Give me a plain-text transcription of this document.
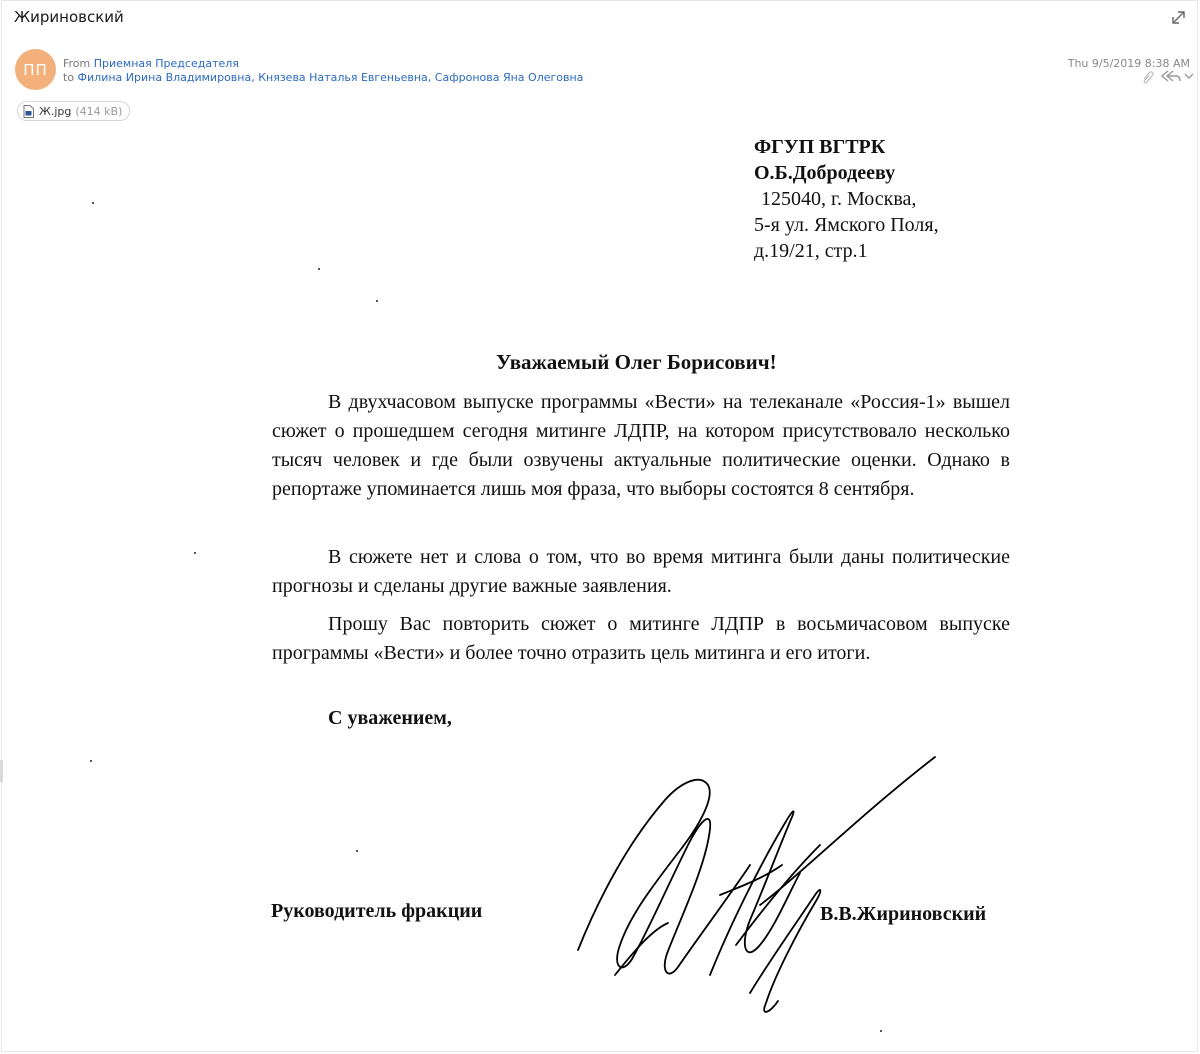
Жириновский
ПП	From Приемная Председателя
to Филина Ирина Владимировна, Князева Наталья Евгеньевна, Сафронова Яна Олеговна
Thu 9/5/2019 8:38 AM
Ж.jpg (414 kB)
ФГУП ВГТРК
О.Б.Добродееву
125040, г. Москва,
5-я ул. Ямского Поля,
д.19/21, стр.1
Уважаемый Олег Борисович!
В двухчасовом выпуске программы «Вести» на телеканале «Россия-1» вышел сюжет о прошедшем сегодня митинге ЛДПР, на котором присутствовало несколько тысяч человек и где были озвучены актуальные политические оценки. Однако в репортаже упоминается лишь моя фраза, что выборы состоятся 8 сентября.
В сюжете нет и слова о том, что во время митинга были даны политические прогнозы и сделаны другие важные заявления.
Прошу Вас повторить сюжет о митинге ЛДПР в восьмичасовом выпуске программы «Вести» и более точно отразить цель митинга и его итоги.
С уважением,
Руководитель фракции	В.В.Жириновский
